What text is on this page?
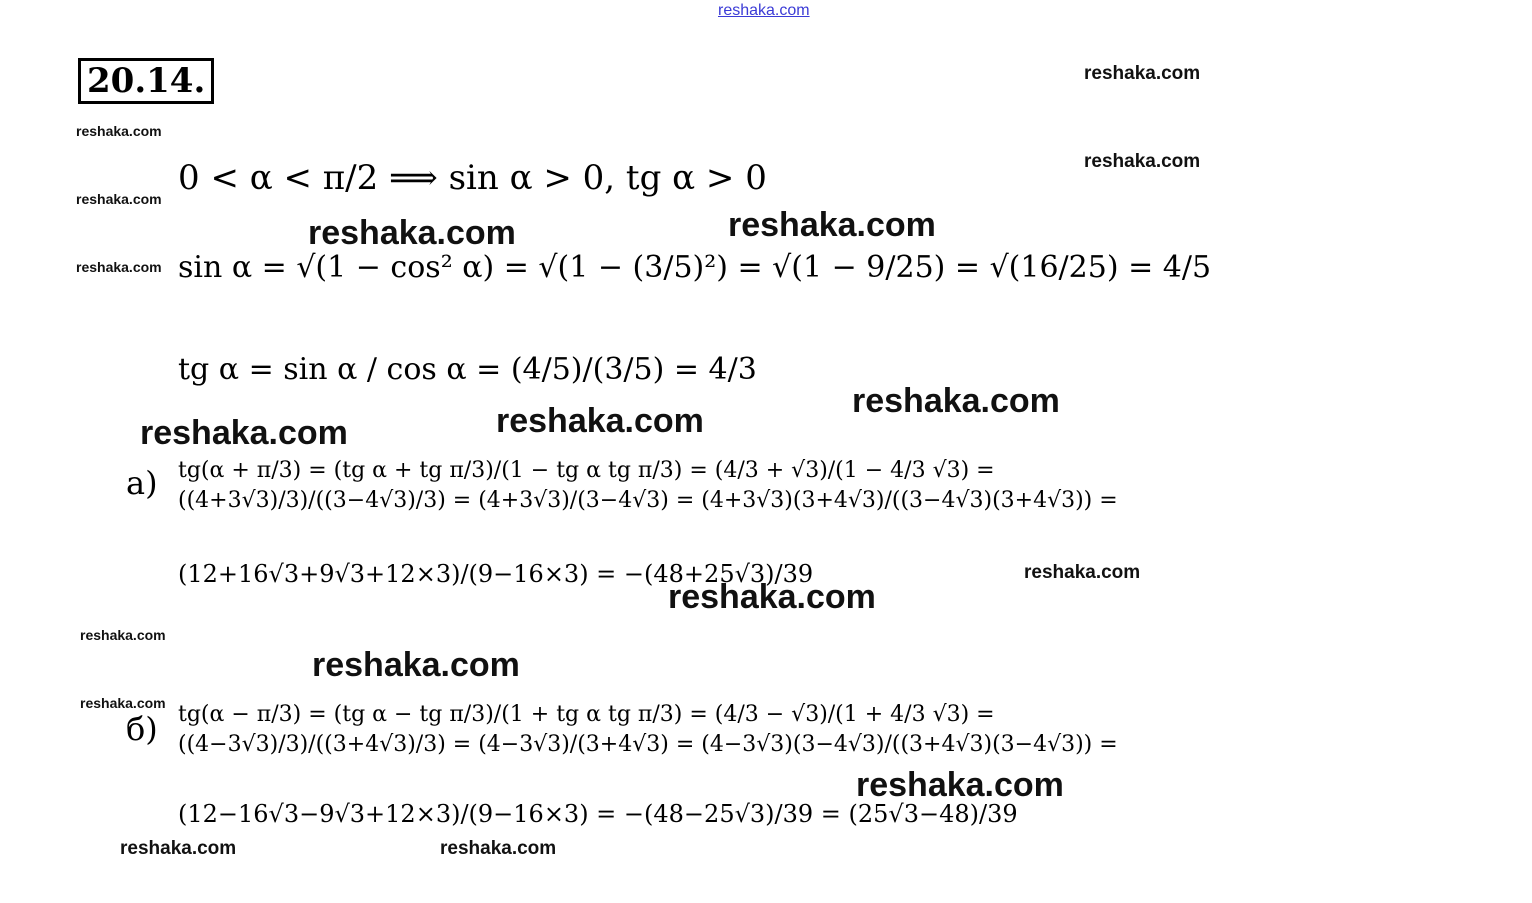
reshaka.com
20.14.	reshaka.com
reshaka.com
reshaka.com
reshaka.com
reshaka.com	reshaka.com
reshaka.com
reshaka.com
reshaka.com
reshaka.com
reshaka.com
reshaka.com
reshaka.com
reshaka.com
reshaka.com
reshaka.com
reshaka.com	reshaka.com
0 < α < π/2 ⟹ sin α > 0, tg α > 0
sin α = √(1 − cos² α) = √(1 − (3/5)²) = √(1 − 9/25) = √(16/25) = 4/5
tg α = sin α / cos α = (4/5)/(3/5) = 4/3
а) tg(α + π/3) = (tg α + tg π/3)/(1 − tg α tg π/3) = (4/3 + √3)/(1 − 4/3 √3) = ((4+3√3)/3)/((3−4√3)/3) = (4+3√3)/(3−4√3) = (4+3√3)(3+4√3)/((3−4√3)(3+4√3)) =
(12+16√3+9√3+12×3)/(9−16×3) = −(48+25√3)/39
б) tg(α − π/3) = (tg α − tg π/3)/(1 + tg α tg π/3) = (4/3 − √3)/(1 + 4/3 √3) = ((4−3√3)/3)/((3+4√3)/3) = (4−3√3)/(3+4√3) = (4−3√3)(3−4√3)/((3+4√3)(3−4√3)) =
(12−16√3−9√3+12×3)/(9−16×3) = −(48−25√3)/39 = (25√3−48)/39
